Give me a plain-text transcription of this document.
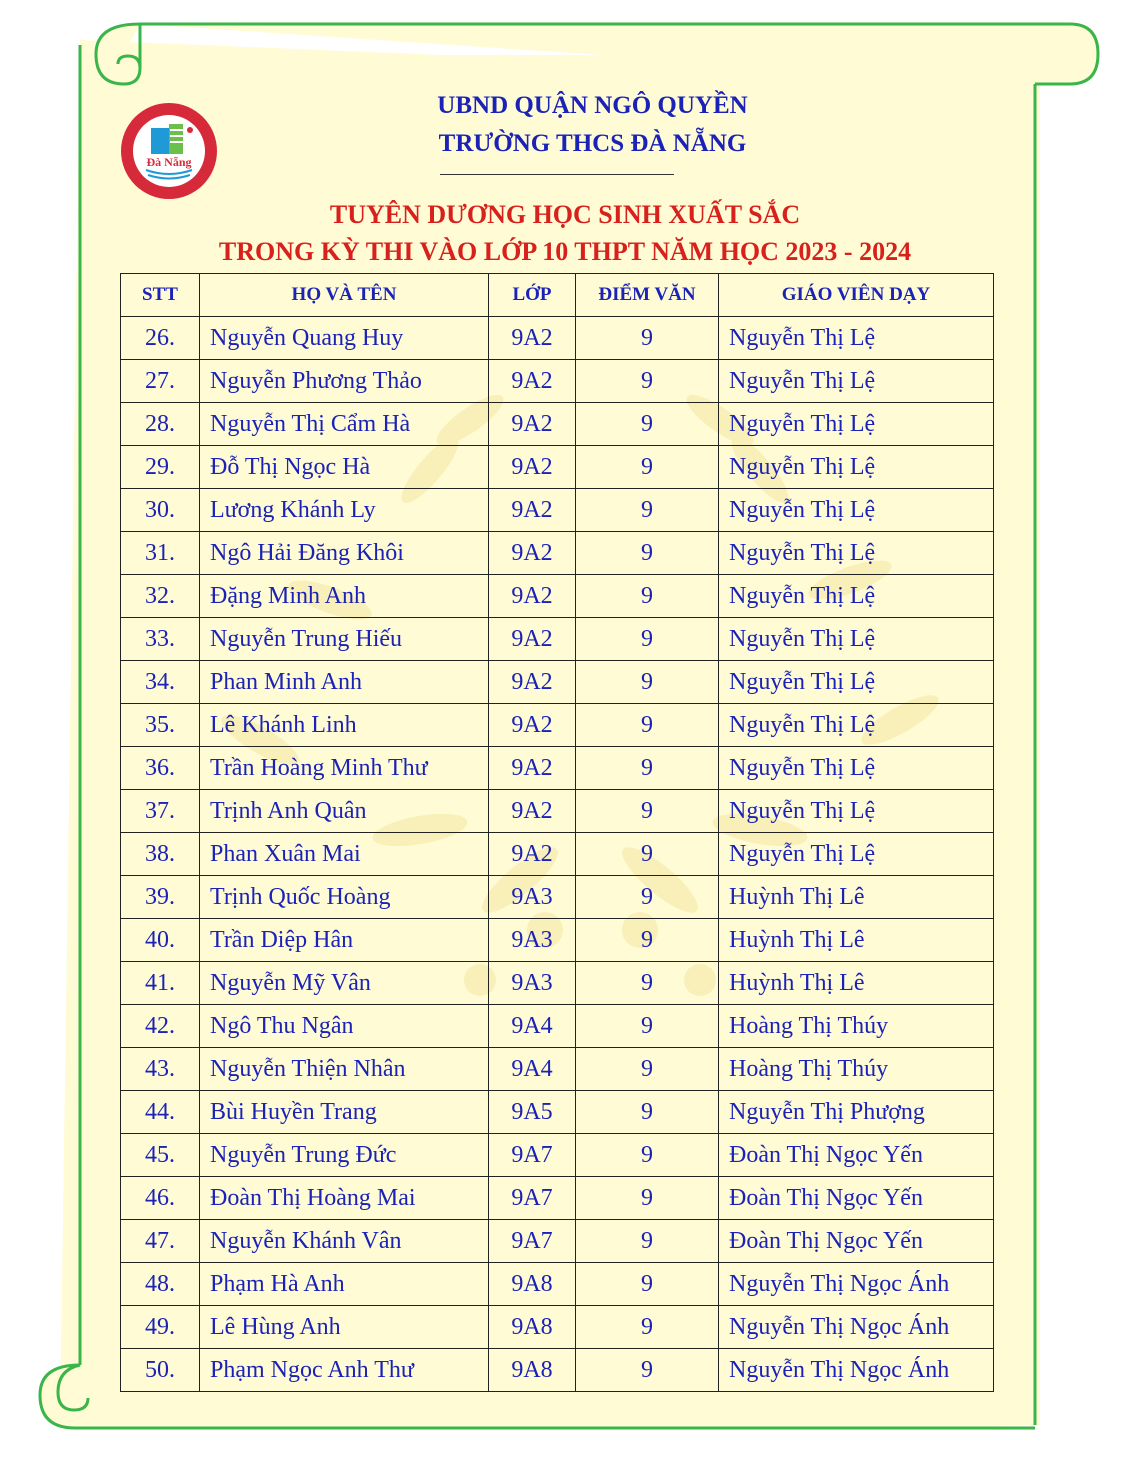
Đà Nẵng
UBND QUẬN NGÔ QUYỀN
TRƯỜNG THCS ĐÀ NẴNG
TUYÊN DƯƠNG HỌC SINH XUẤT SẮC
TRONG KỲ THI VÀO LỚP 10 THPT NĂM HỌC 2023 - 2024
STT	HỌ VÀ TÊN	LỚP	ĐIỂM VĂN	GIÁO VIÊN DẠY
26.	Nguyễn Quang Huy	9A2	9	Nguyễn Thị Lệ
27.	Nguyễn Phương Thảo	9A2	9	Nguyễn Thị Lệ
28.	Nguyễn Thị Cẩm Hà	9A2	9	Nguyễn Thị Lệ
29.	Đỗ Thị Ngọc Hà	9A2	9	Nguyễn Thị Lệ
30.	Lương Khánh Ly	9A2	9	Nguyễn Thị Lệ
31.	Ngô Hải Đăng Khôi	9A2	9	Nguyễn Thị Lệ
32.	Đặng Minh Anh	9A2	9	Nguyễn Thị Lệ
33.	Nguyễn Trung Hiếu	9A2	9	Nguyễn Thị Lệ
34.	Phan Minh Anh	9A2	9	Nguyễn Thị Lệ
35.	Lê Khánh Linh	9A2	9	Nguyễn Thị Lệ
36.	Trần Hoàng Minh Thư	9A2	9	Nguyễn Thị Lệ
37.	Trịnh Anh Quân	9A2	9	Nguyễn Thị Lệ
38.	Phan Xuân Mai	9A2	9	Nguyễn Thị Lệ
39.	Trịnh Quốc Hoàng	9A3	9	Huỳnh Thị Lê
40.	Trần Diệp Hân	9A3	9	Huỳnh Thị Lê
41.	Nguyễn Mỹ Vân	9A3	9	Huỳnh Thị Lê
42.	Ngô Thu Ngân	9A4	9	Hoàng Thị Thúy
43.	Nguyễn Thiện Nhân	9A4	9	Hoàng Thị Thúy
44.	Bùi Huyền Trang	9A5	9	Nguyễn Thị Phượng
45.	Nguyễn Trung Đức	9A7	9	Đoàn Thị Ngọc Yến
46.	Đoàn Thị Hoàng Mai	9A7	9	Đoàn Thị Ngọc Yến
47.	Nguyễn Khánh Vân	9A7	9	Đoàn Thị Ngọc Yến
48.	Phạm Hà Anh	9A8	9	Nguyễn Thị Ngọc Ánh
49.	Lê Hùng Anh	9A8	9	Nguyễn Thị Ngọc Ánh
50.	Phạm Ngọc Anh Thư	9A8	9	Nguyễn Thị Ngọc Ánh
